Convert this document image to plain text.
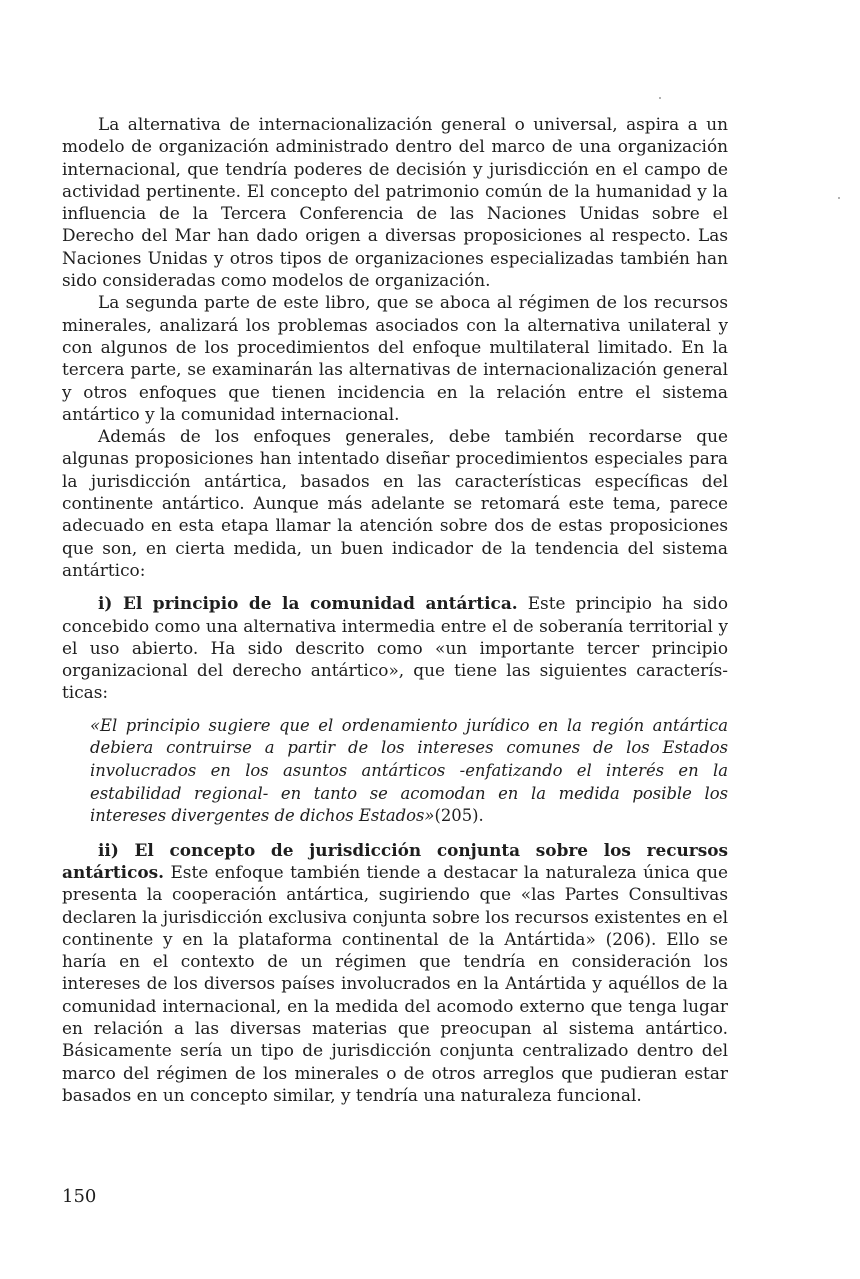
La alternativa de internacionalización general o universal, aspira a un modelo de organización administrado dentro del marco de una organización internacional, que tendría poderes de decisión y jurisdicción en el campo de actividad pertinente. El concepto del patrimonio común de la humanidad y la influencia de la Tercera Conferencia de las Naciones Unidas sobre el Derecho del Mar han dado origen a diversas proposiciones al respecto. Las Naciones Unidas y otros tipos de organizaciones especializadas también han sido consideradas como modelos de organización.

La segunda parte de este libro, que se aboca al régimen de los recursos minerales, analizará los problemas asociados con la alternativa unilateral y con algunos de los procedimientos del enfoque multilateral limitado. En la tercera parte, se examinarán las alternativas de internacionalización general y otros enfoques que tienen incidencia en la relación entre el sistema antártico y la comunidad internacional.

Además de los enfoques generales, debe también recordarse que algunas proposiciones han intentado diseñar procedimientos especiales para la jurisdicción antártica, basados en las características específicas del continente antártico. Aunque más adelante se retomará este tema, parece adecuado en esta etapa llamar la atención sobre dos de estas proposiciones que son, en cierta medida, un buen indicador de la tendencia del sistema antártico:

i) El principio de la comunidad antártica. Este principio ha sido concebido como una alternativa intermedia entre el de soberanía territorial y el uso abierto. Ha sido descrito como «un importante tercer principio organizacional del derecho antártico», que tiene las siguientes características:

«El principio sugiere que el ordenamiento jurídico en la región antártica debiera contruirse a partir de los intereses comunes de los Estados involucrados en los asuntos antárticos -enfatizando el interés en la estabilidad regional- en tanto se acomodan en la medida posible los intereses divergentes de dichos Estados»(205).

ii) El concepto de jurisdicción conjunta sobre los recursos antárticos. Este enfoque también tiende a destacar la naturaleza única que presenta la cooperación antártica, sugiriendo que «las Partes Consultivas declaren la jurisdicción exclusiva conjunta sobre los recursos existentes en el continente y en la plataforma continental de la Antártida» (206). Ello se haría en el contexto de un régimen que tendría en consideración los intereses de los diversos países involucrados en la Antártida y aquéllos de la comunidad internacional, en la medida del acomodo externo que tenga lugar en relación a las diversas materias que preocupan al sistema antártico. Básicamente sería un tipo de jurisdicción conjunta centralizado dentro del marco del régimen de los minerales o de otros arreglos que pudieran estar basados en un concepto similar, y tendría una naturaleza funcional.

150
